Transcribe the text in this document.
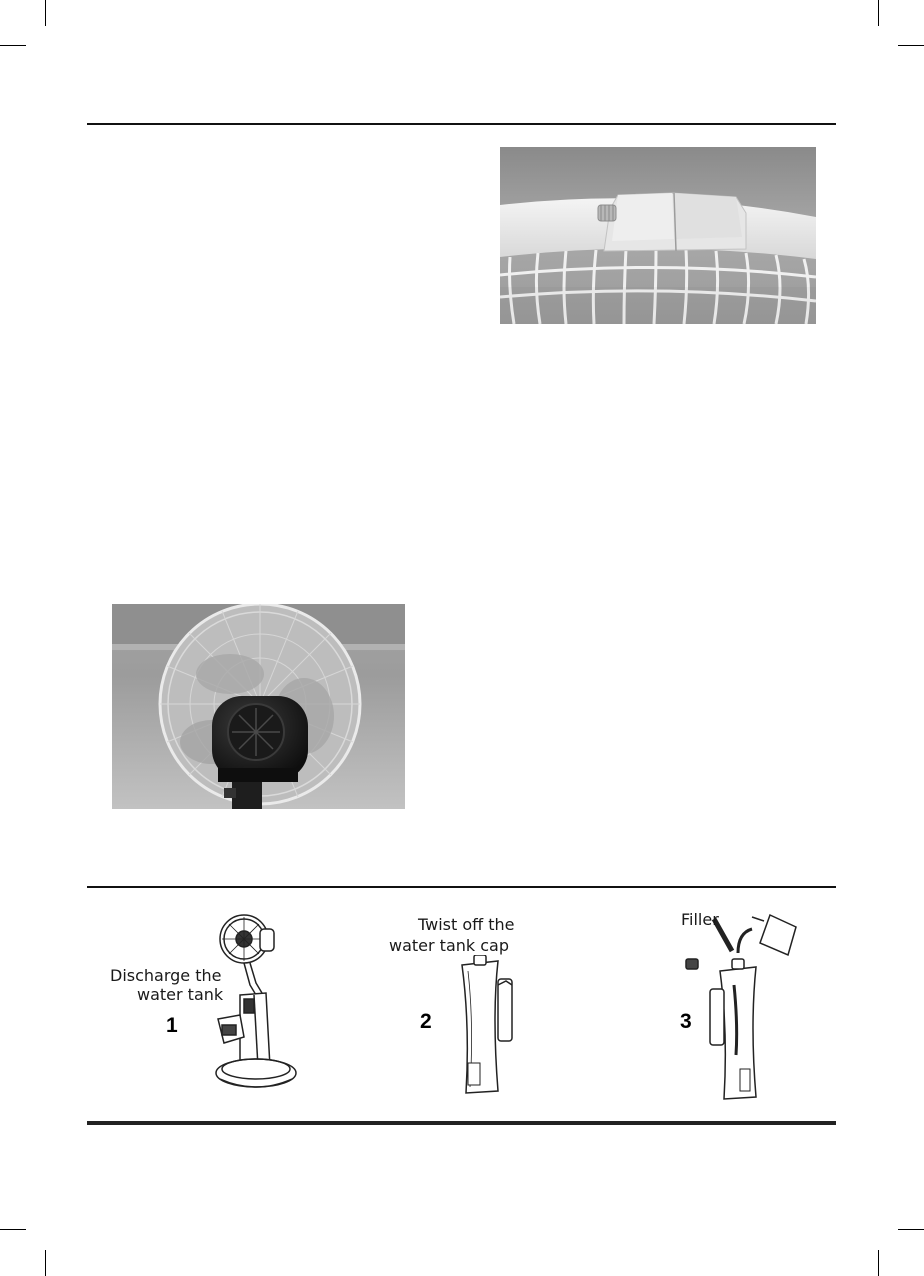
Discharge the
water tank
1
Twist off the
water tank cap
2
Filler
3
